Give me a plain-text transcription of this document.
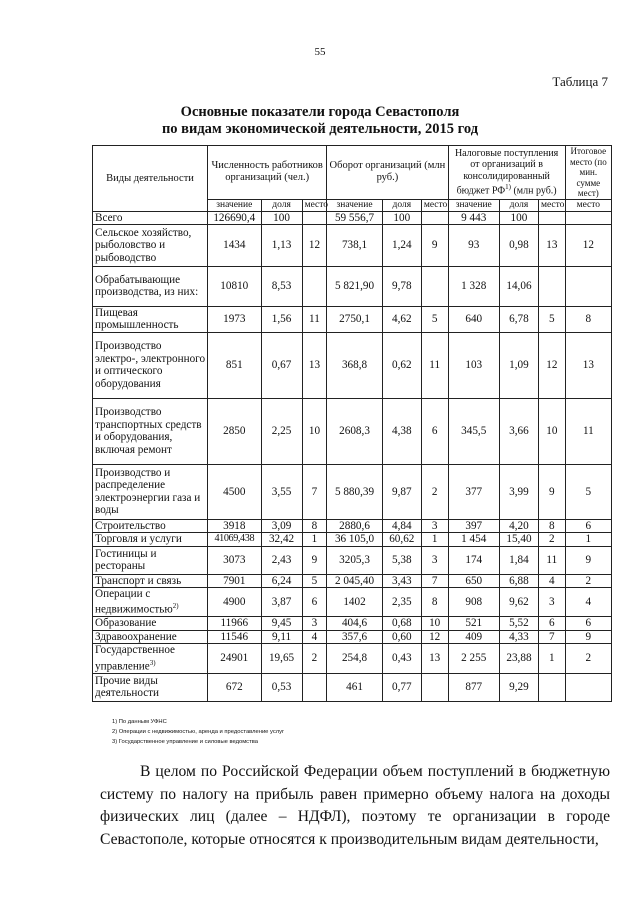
55
Таблица 7
Основные показатели города Севастополя
по видам экономической деятельности, 2015 год
Виды деятельности	Численность работников организаций (чел.)			Оборот организаций (млн руб.)			Налоговые поступления от организаций в консолидированный бюджет РФ$^{1)}$ (млн руб.)			Итоговое место (по мин. сумме мест)
	значение	доля	место	значение	доля	место	значение	доля	место	место
Всего	126690,4	100		59 556,7	100		9 443	100		
Сельское хозяйство, рыболовство и рыбоводство	1434	1,13	12	738,1	1,24	9	93	0,98	13	12
Обрабатывающие производства, из них:	10810	8,53		5 821,90	9,78		1 328	14,06		
Пищевая промышленность	1973	1,56	11	2750,1	4,62	5	640	6,78	5	8
Производство электро-, электронного и оптического оборудования	851	0,67	13	368,8	0,62	11	103	1,09	12	13
Производство транспортных средств и оборудования, включая ремонт	2850	2,25	10	2608,3	4,38	6	345,5	3,66	10	11
Производство и распределение электроэнергии газа и воды	4500	3,55	7	5 880,39	9,87	2	377	3,99	9	5
Строительство	3918	3,09	8	2880,6	4,84	3	397	4,20	8	6
Торговля и услуги	41069,438	32,42	1	36 105,0	60,62	1	1 454	15,40	2	1
Гостиницы и рестораны	3073	2,43	9	3205,3	5,38	3	174	1,84	11	9
Транспорт и связь	7901	6,24	5	2 045,40	3,43	7	650	6,88	4	2
Операции с недвижимостью$^{2)}$	4900	3,87	6	1402	2,35	8	908	9,62	3	4
Образование	11966	9,45	3	404,6	0,68	10	521	5,52	6	6
Здравоохранение	11546	9,11	4	357,6	0,60	12	409	4,33	7	9
Государственное управление$^{3)}$	24901	19,65	2	254,8	0,43	13	2 255	23,88	1	2
Прочие виды деятельности	672	0,53		461	0,77		877	9,29		
1) По данным УФНС
2) Операции с недвижимостью, аренда и предоставление услуг
3) Государственное управление и силовые ведомства
В целом по Российской Федерации объем поступлений в бюджетную систему по налогу на прибыль равен примерно объему налога на доходы физических лиц (далее – НДФЛ), поэтому те организации в городе Севастополе, которые относятся к производительным видам деятельности,
